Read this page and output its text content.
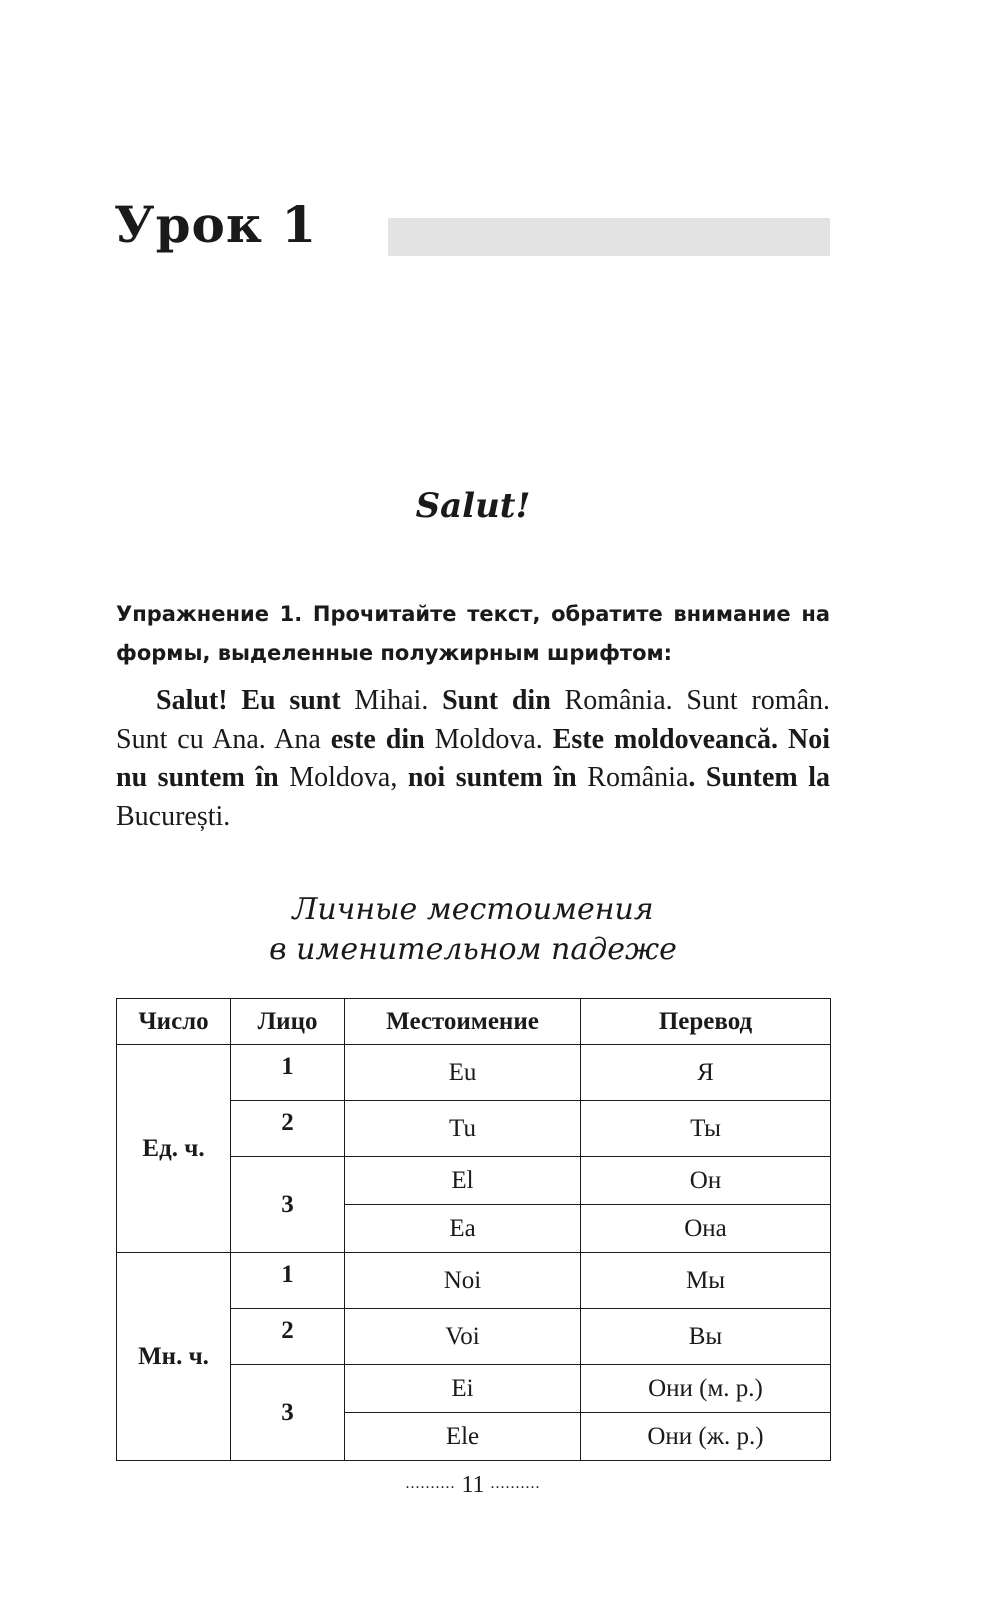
Урок 1
Salut!

Упражнение 1. Прочитайте текст, обратите внимание на формы, выделенные полужирным шрифтом:

Salut! Eu sunt Mihai. Sunt din România. Sunt român. Sunt cu Ana. Ana este din Moldova. Este moldoveancă. Noi nu suntem în Moldova, noi suntem în România. Suntem la București.

Личные местоимения
в именительном падеже
Число	Лицо	Местоимение	Перевод
Ед. ч.	1	Eu	Я
	2	Tu	Ты
	3	El	Он
		Ea	Она
Мн. ч.	1	Noi	Мы
	2	Voi	Вы
	3	Ei	Они (м. р.)
		Ele	Они (ж. р.)
.......... 11 ..........
